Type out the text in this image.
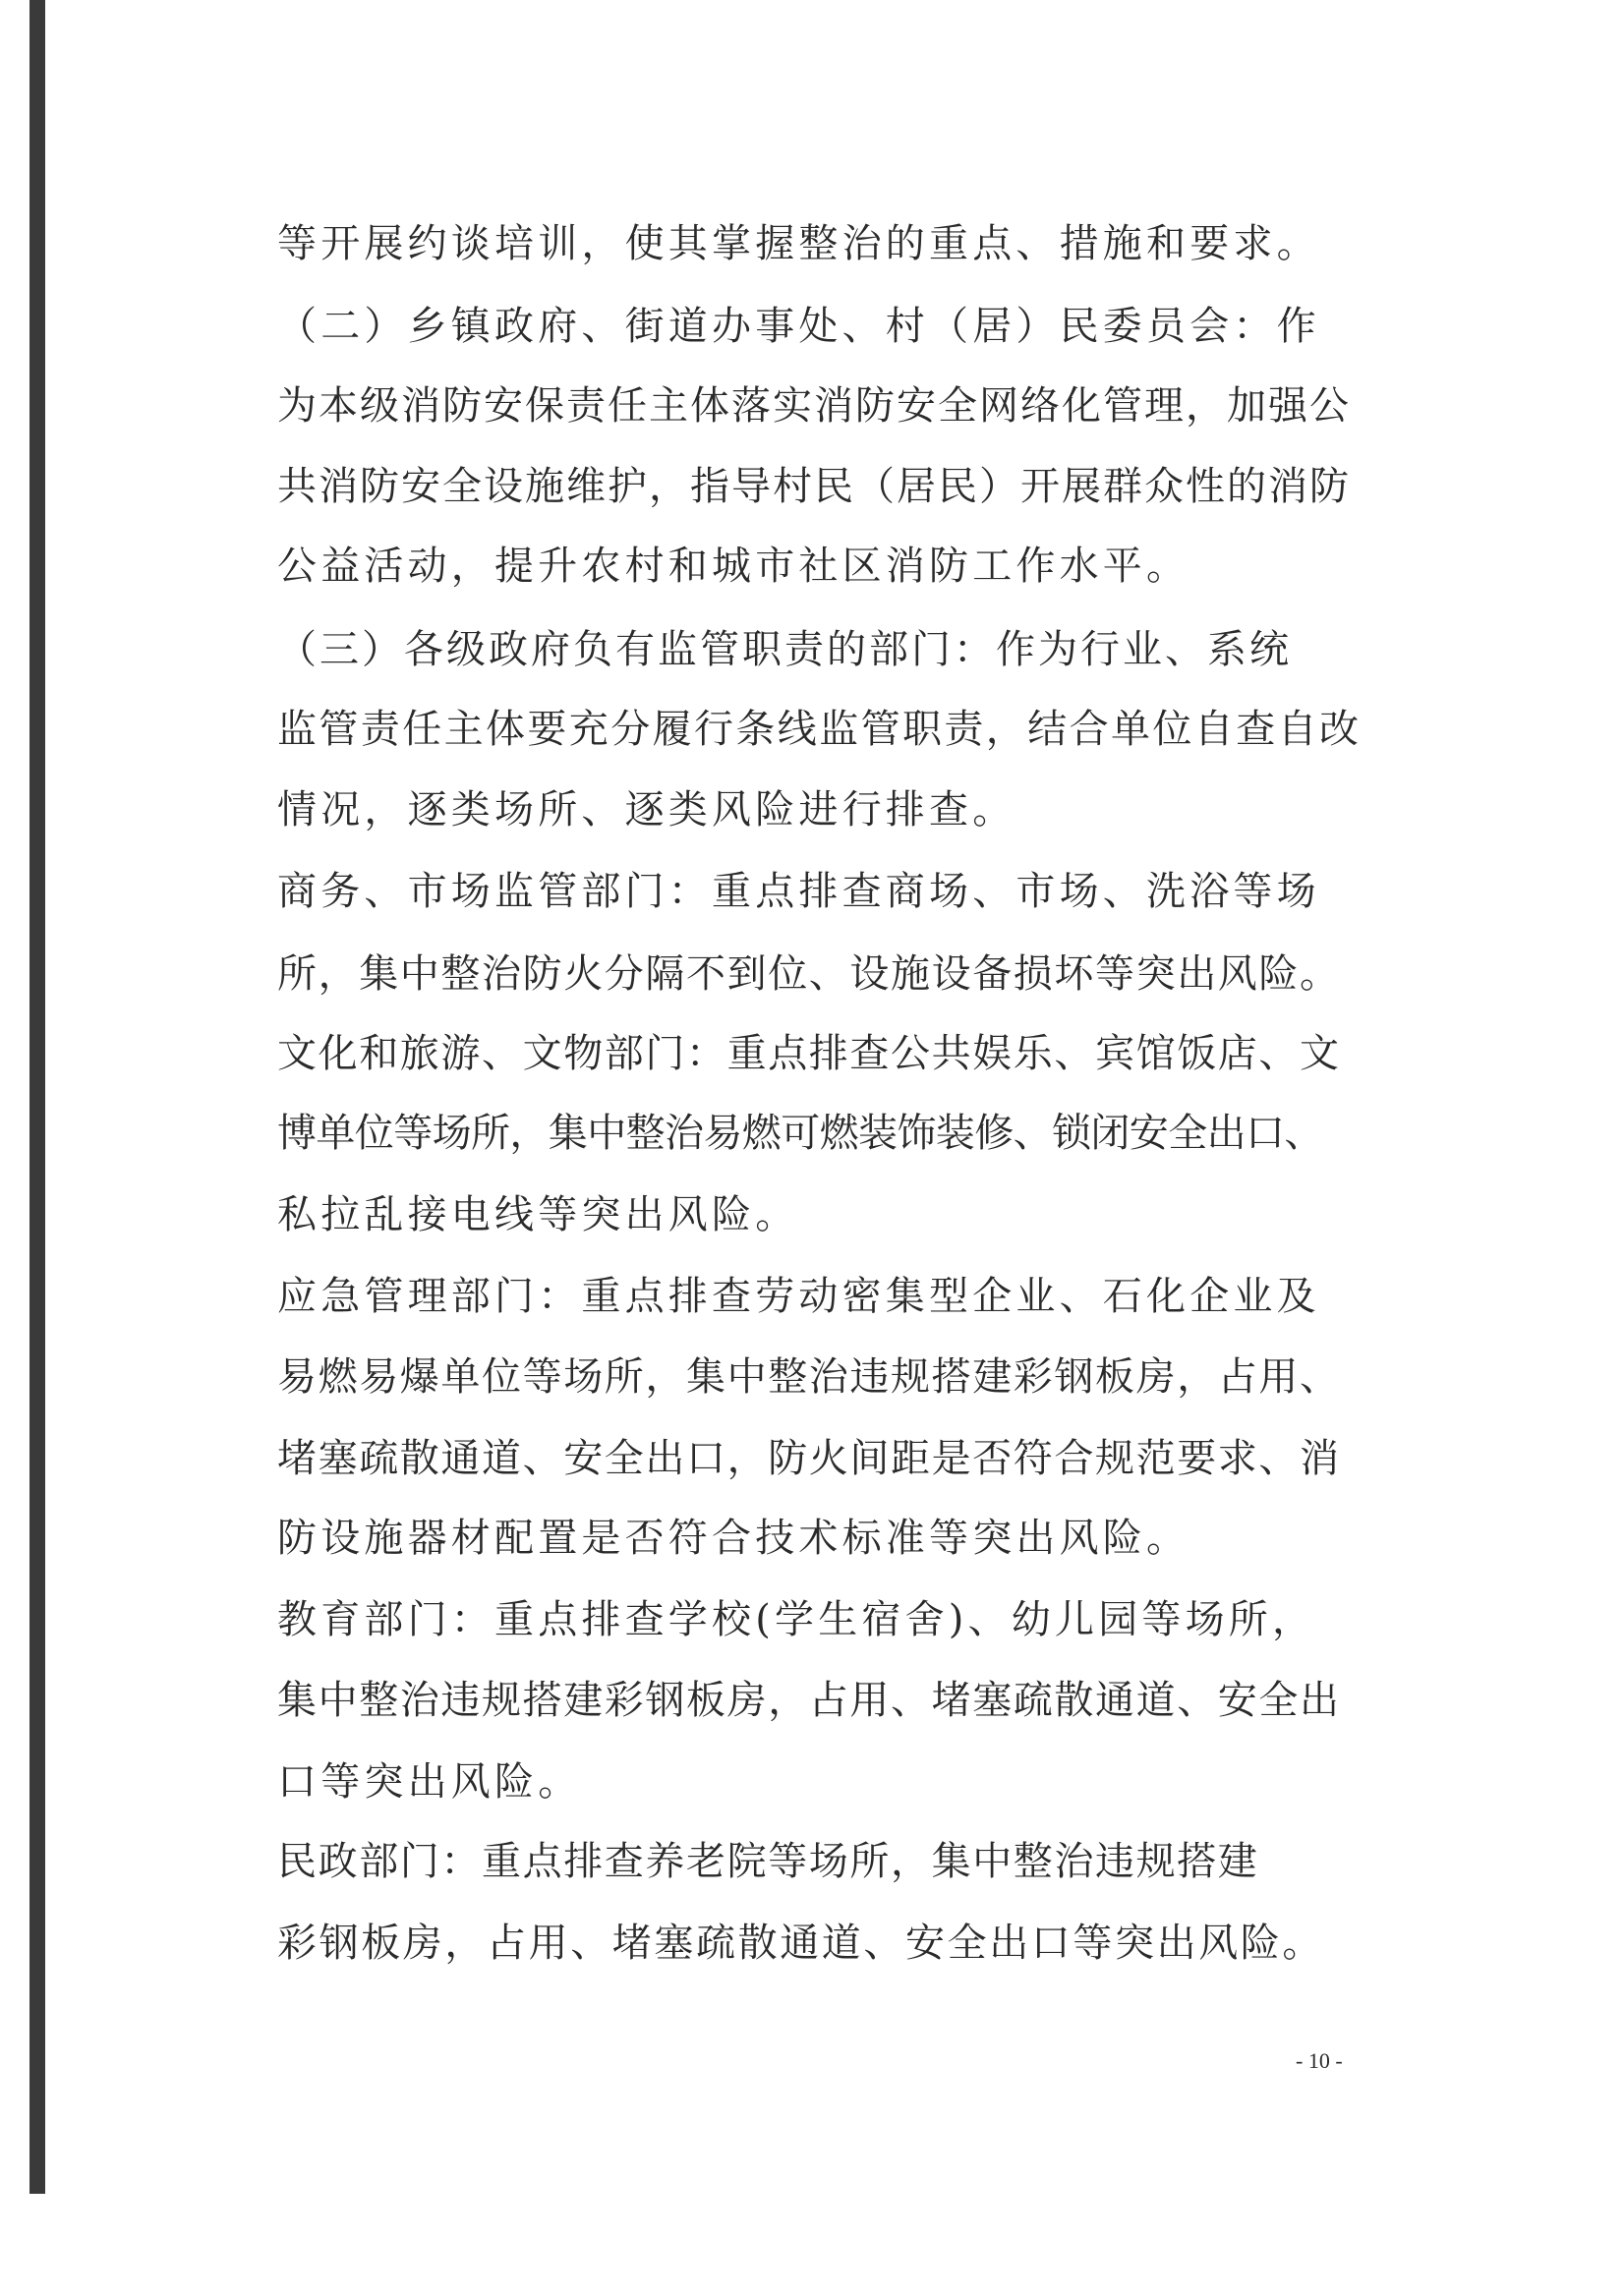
等开展约谈培训，使其掌握整治的重点、措施和要求。
（二）乡镇政府、街道办事处、村（居）民委员会：作
为本级消防安保责任主体落实消防安全网络化管理，加强公
共消防安全设施维护，指导村民（居民）开展群众性的消防
公益活动，提升农村和城市社区消防工作水平。
（三）各级政府负有监管职责的部门：作为行业、系统
监管责任主体要充分履行条线监管职责，结合单位自查自改
情况，逐类场所、逐类风险进行排查。
商务、市场监管部门：重点排查商场、市场、洗浴等场
所，集中整治防火分隔不到位、设施设备损坏等突出风险。
文化和旅游、文物部门：重点排查公共娱乐、宾馆饭店、文
博单位等场所，集中整治易燃可燃装饰装修、锁闭安全出口、
私拉乱接电线等突出风险。
应急管理部门：重点排查劳动密集型企业、石化企业及
易燃易爆单位等场所，集中整治违规搭建彩钢板房，占用、
堵塞疏散通道、安全出口，防火间距是否符合规范要求、消
防设施器材配置是否符合技术标准等突出风险。
教育部门：重点排查学校(学生宿舍)、幼儿园等场所，
集中整治违规搭建彩钢板房，占用、堵塞疏散通道、安全出
口等突出风险。
民政部门：重点排查养老院等场所，集中整治违规搭建
彩钢板房，占用、堵塞疏散通道、安全出口等突出风险。
- 10 -
